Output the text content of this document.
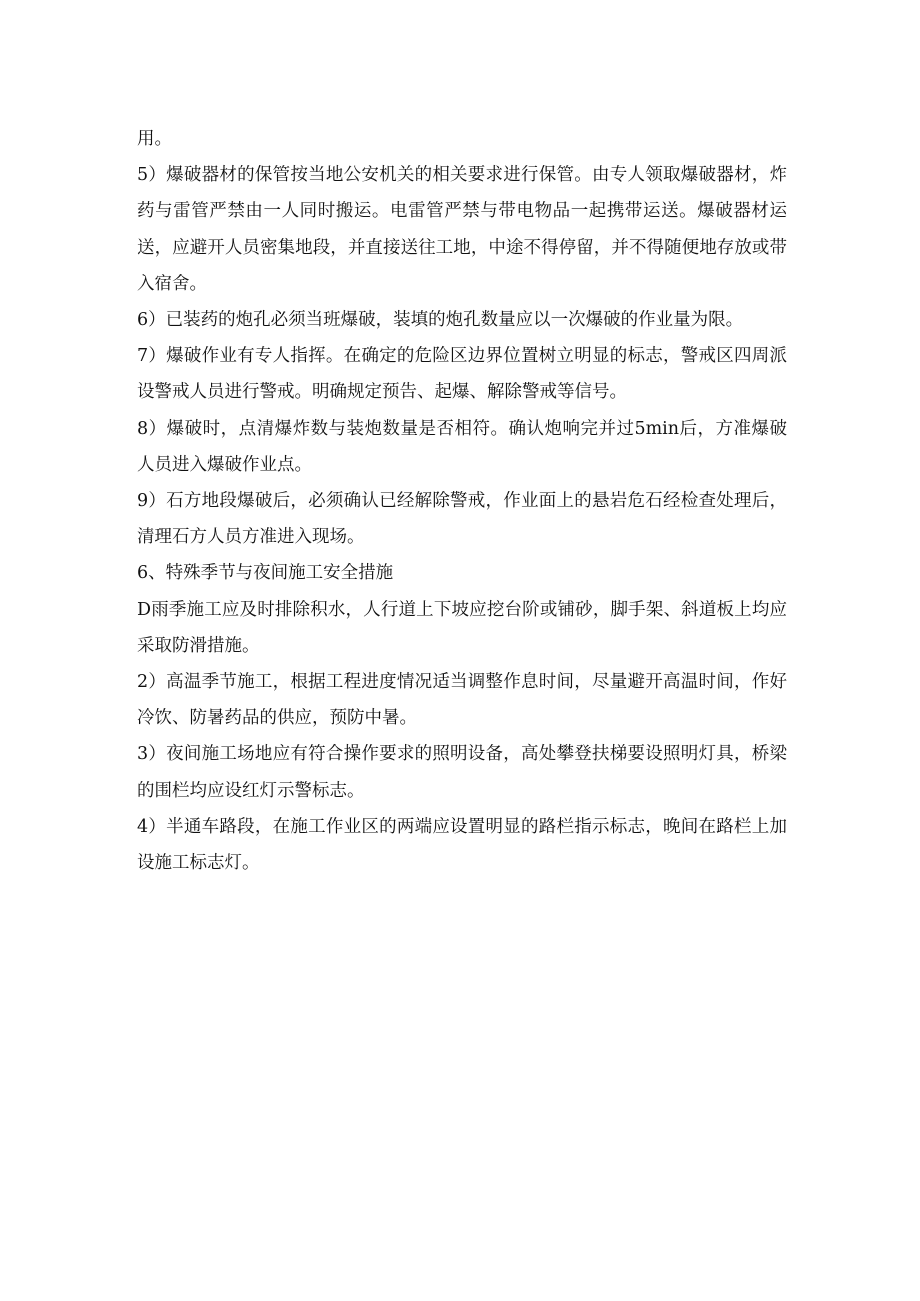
用。

5）爆破器材的保管按当地公安机关的相关要求进行保管。由专人领取爆破器材，炸药与雷管严禁由一人同时搬运。电雷管严禁与带电物品一起携带运送。爆破器材运送，应避开人员密集地段，并直接送往工地，中途不得停留，并不得随便地存放或带入宿舍。

6）已装药的炮孔必须当班爆破，装填的炮孔数量应以一次爆破的作业量为限。

7）爆破作业有专人指挥。在确定的危险区边界位置树立明显的标志，警戒区四周派设警戒人员进行警戒。明确规定预告、起爆、解除警戒等信号。

8）爆破时，点清爆炸数与装炮数量是否相符。确认炮响完并过5min后，方准爆破人员进入爆破作业点。

9）石方地段爆破后，必须确认已经解除警戒，作业面上的悬岩危石经检查处理后，清理石方人员方准进入现场。

6、特殊季节与夜间施工安全措施

D雨季施工应及时排除积水，人行道上下坡应挖台阶或铺砂，脚手架、斜道板上均应采取防滑措施。

2）高温季节施工，根据工程进度情况适当调整作息时间，尽量避开高温时间，作好冷饮、防暑药品的供应，预防中暑。

3）夜间施工场地应有符合操作要求的照明设备，高处攀登扶梯要设照明灯具，桥梁的围栏均应设红灯示警标志。

4）半通车路段，在施工作业区的两端应设置明显的路栏指示标志，晚间在路栏上加设施工标志灯。
